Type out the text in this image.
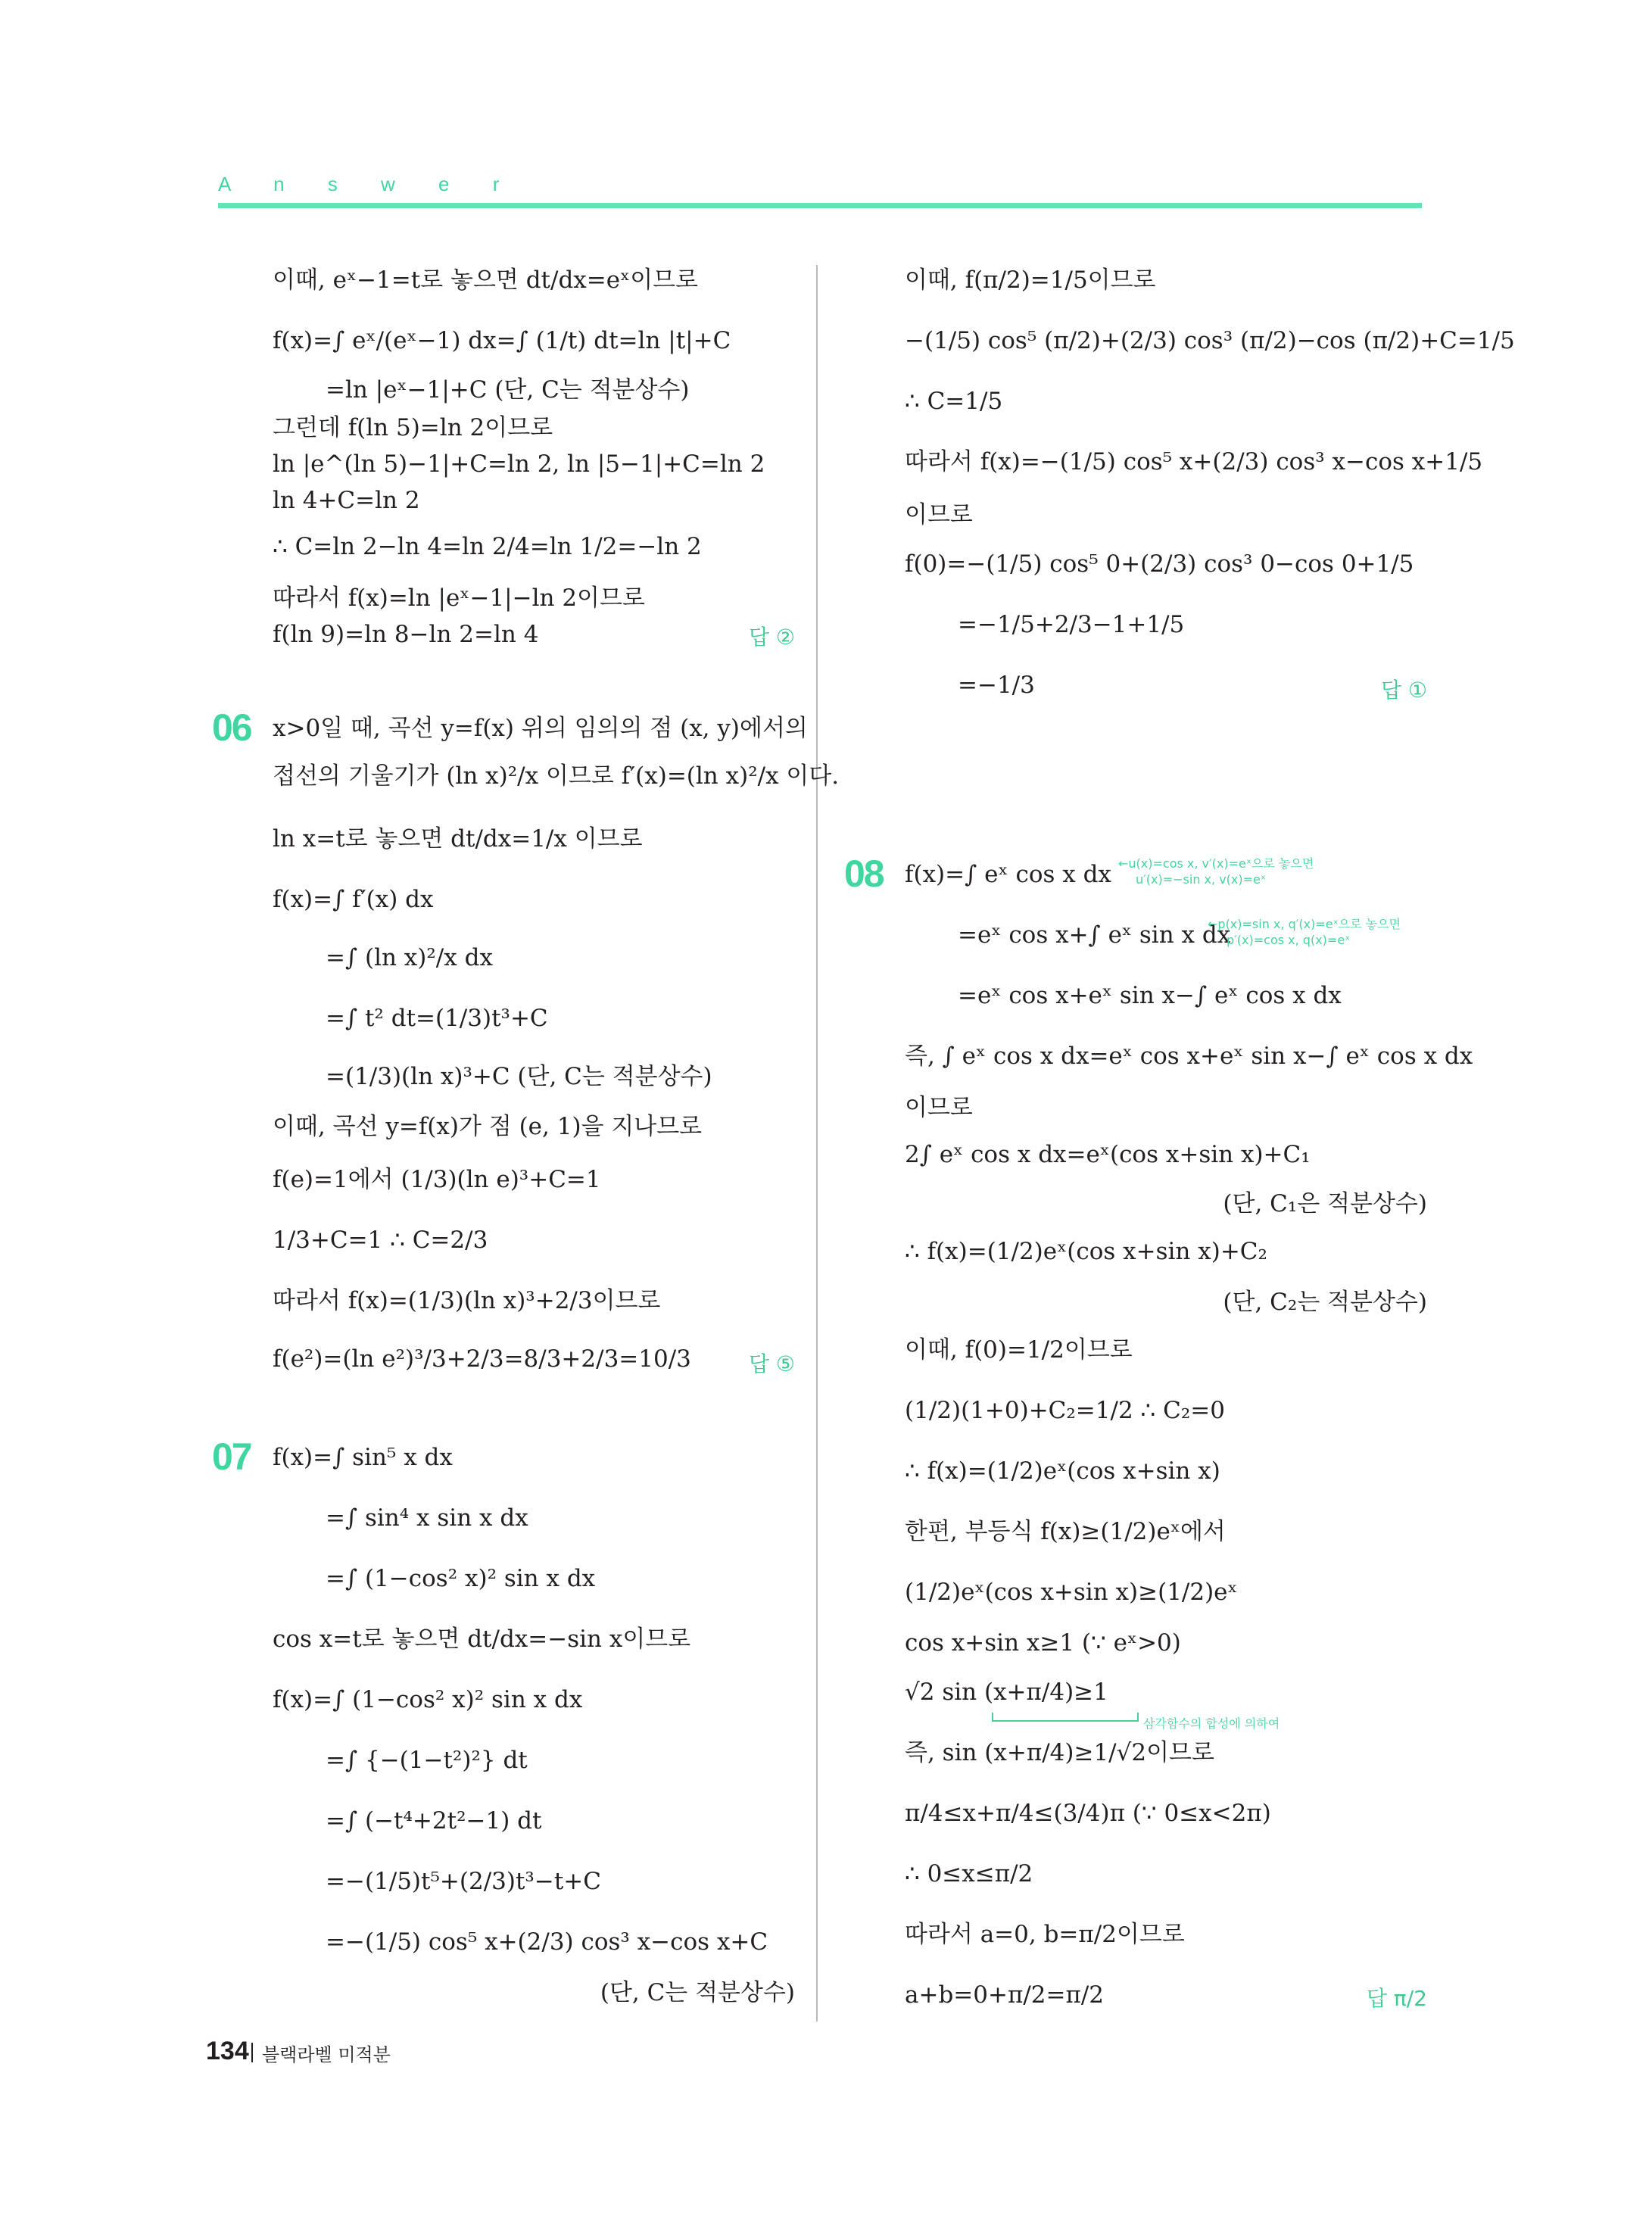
A n s w e r
이때, eˣ−1=t로 놓으면 dt/dx=eˣ이므로
f(x)=∫ eˣ/(eˣ−1) dx=∫ (1/t) dt=ln |t|+C
=ln |eˣ−1|+C (단, C는 적분상수)
그런데 f(ln 5)=ln 2이므로
ln |e^(ln 5)−1|+C=ln 2, ln |5−1|+C=ln 2
ln 4+C=ln 2
∴ C=ln 2−ln 4=ln 2/4=ln 1/2=−ln 2
따라서 f(x)=ln |eˣ−1|−ln 2이므로
f(ln 9)=ln 8−ln 2=ln 4	답 ②
06 x>0일 때, 곡선 y=f(x) 위의 임의의 점 (x, y)에서의
접선의 기울기가 (ln x)²/x 이므로 f′(x)=(ln x)²/x 이다.
ln x=t로 놓으면 dt/dx=1/x 이므로
f(x)=∫ f′(x) dx
=∫ (ln x)²/x dx
=∫ t² dt=(1/3)t³+C
=(1/3)(ln x)³+C (단, C는 적분상수)
이때, 곡선 y=f(x)가 점 (e, 1)을 지나므로
f(e)=1에서 (1/3)(ln e)³+C=1
1/3+C=1 ∴ C=2/3
따라서 f(x)=(1/3)(ln x)³+2/3이므로
f(e²)=(ln e²)³/3+2/3=8/3+2/3=10/3	답 ⑤
07 f(x)=∫ sin⁵ x dx
=∫ sin⁴ x sin x dx
=∫ (1−cos² x)² sin x dx
cos x=t로 놓으면 dt/dx=−sin x이므로
f(x)=∫ (1−cos² x)² sin x dx
=∫ {−(1−t²)²} dt
=∫ (−t⁴+2t²−1) dt
=−(1/5)t⁵+(2/3)t³−t+C
=−(1/5) cos⁵ x+(2/3) cos³ x−cos x+C
(단, C는 적분상수)
이때, f(π/2)=1/5이므로
−(1/5) cos⁵ (π/2)+(2/3) cos³ (π/2)−cos (π/2)+C=1/5
∴ C=1/5
따라서 f(x)=−(1/5) cos⁵ x+(2/3) cos³ x−cos x+1/5
이므로
f(0)=−(1/5) cos⁵ 0+(2/3) cos³ 0−cos 0+1/5
=−1/5+2/3−1+1/5
=−1/3	답 ①
08 f(x)=∫ eˣ cos x dx ←u(x)=cos x, v′(x)=eˣ으로 놓으면
u′(x)=−sin x, v(x)=eˣ
=eˣ cos x+∫ eˣ sin x dx
←p(x)=sin x, q′(x)=eˣ으로 놓으면
p′(x)=cos x, q(x)=eˣ
=eˣ cos x+eˣ sin x−∫ eˣ cos x dx
즉, ∫ eˣ cos x dx=eˣ cos x+eˣ sin x−∫ eˣ cos x dx
이므로
2∫ eˣ cos x dx=eˣ(cos x+sin x)+C₁
(단, C₁은 적분상수)
∴ f(x)=(1/2)eˣ(cos x+sin x)+C₂
(단, C₂는 적분상수)
이때, f(0)=1/2이므로
(1/2)(1+0)+C₂=1/2 ∴ C₂=0
∴ f(x)=(1/2)eˣ(cos x+sin x)
한편, 부등식 f(x)≥(1/2)eˣ에서
(1/2)eˣ(cos x+sin x)≥(1/2)eˣ
cos x+sin x≥1 (∵ eˣ>0)
√2 sin (x+π/4)≥1
삼각함수의 합성에 의하여
즉, sin (x+π/4)≥1/√2이므로
π/4≤x+π/4≤(3/4)π (∵ 0≤x<2π)
∴ 0≤x≤π/2
따라서 a=0, b=π/2이므로
a+b=0+π/2=π/2	답 π/2
134 블랙라벨 미적분
